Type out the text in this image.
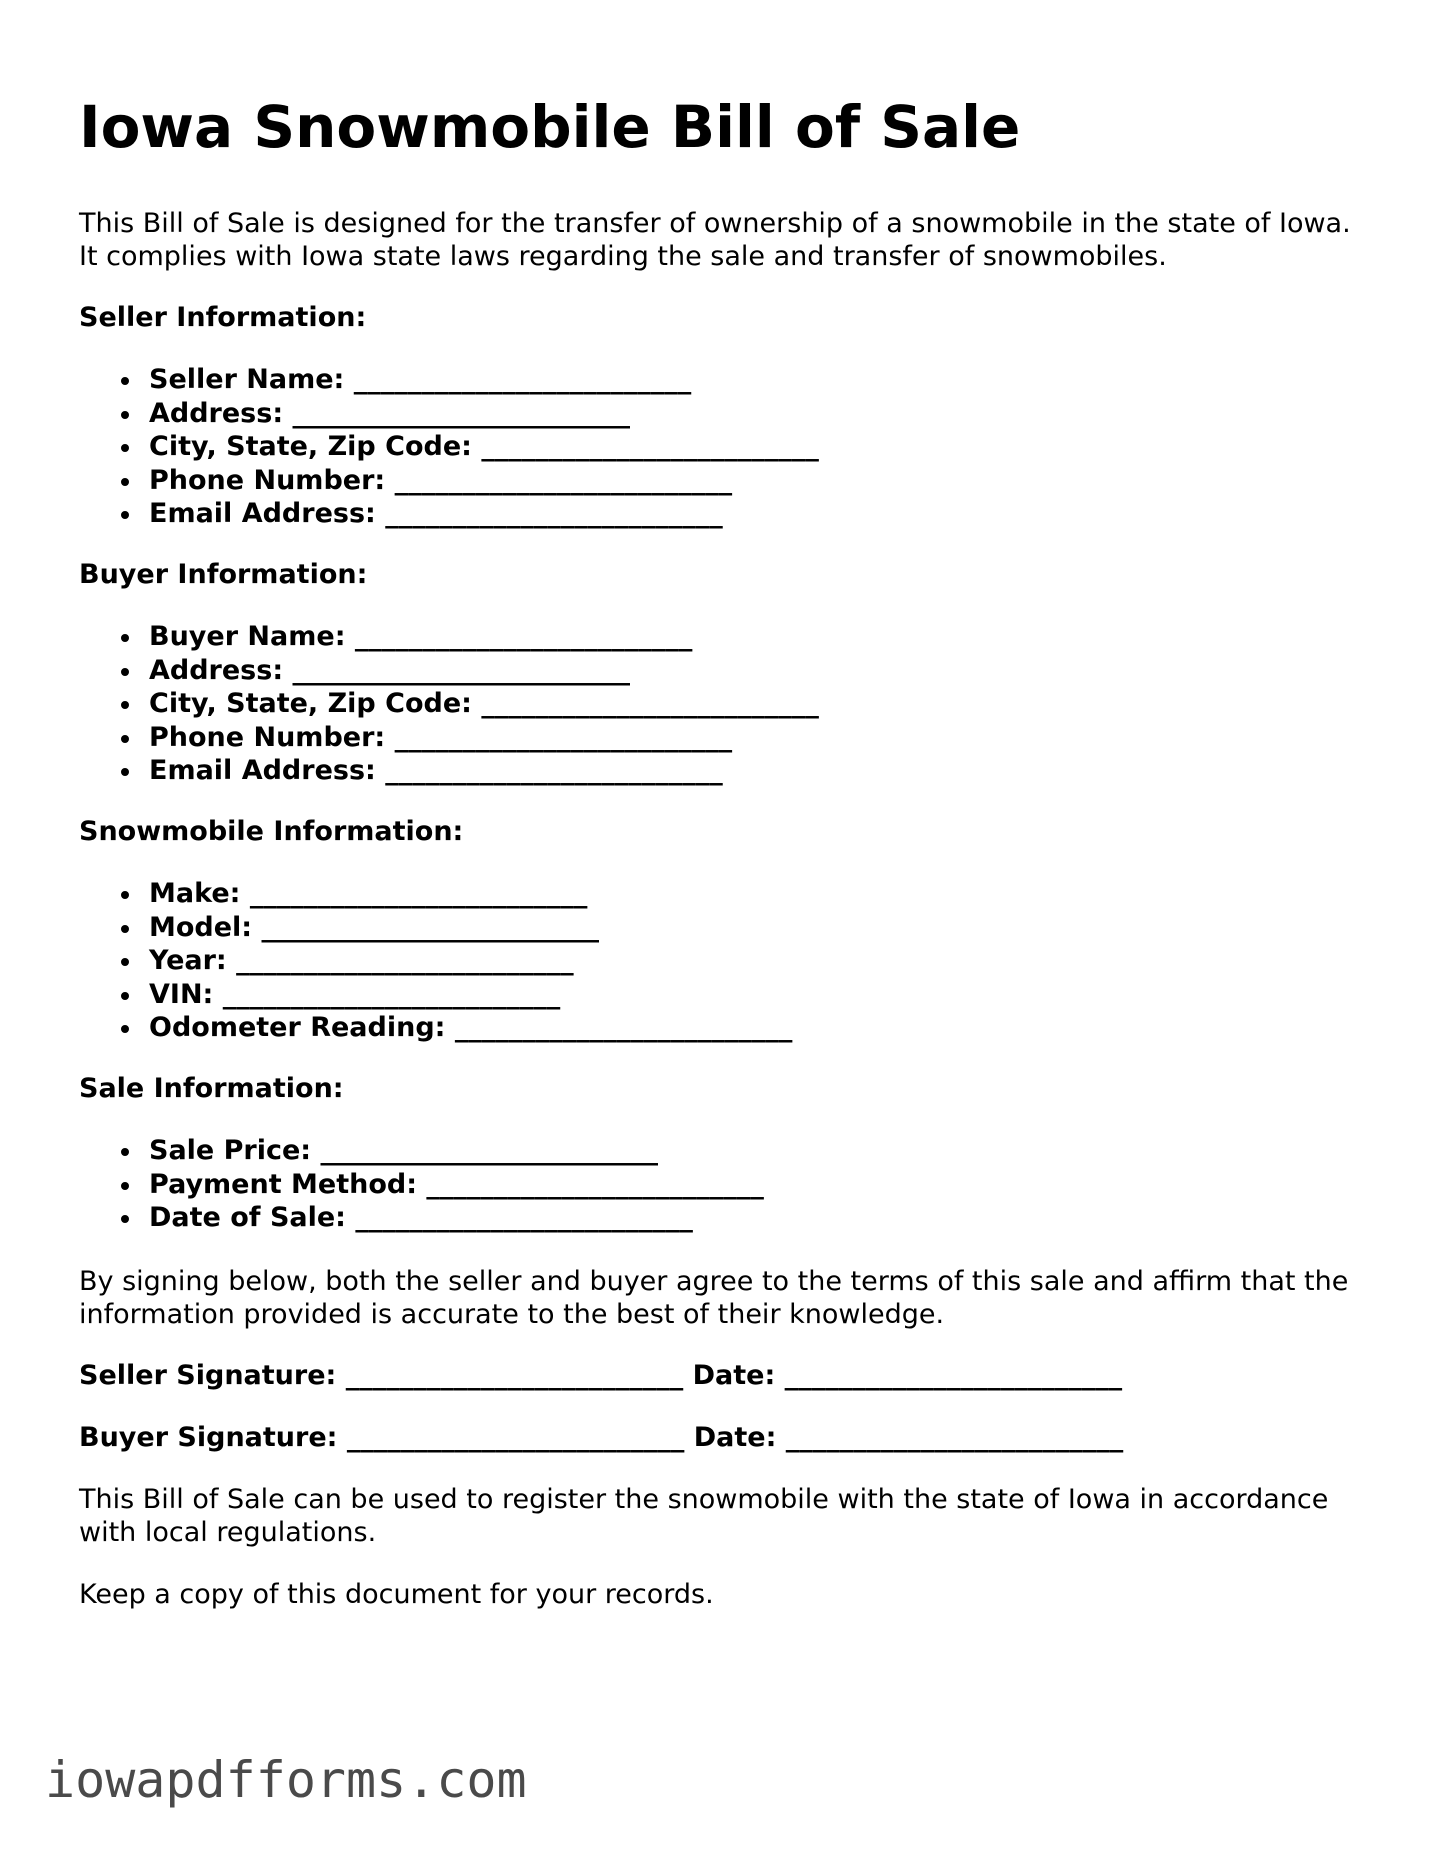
Iowa Snowmobile Bill of Sale

This Bill of Sale is designed for the transfer of ownership of a snowmobile in the state of Iowa. It complies with Iowa state laws regarding the sale and transfer of snowmobiles.

Seller Information:
Seller Name: _________________________
Address: _________________________
City, State, Zip Code: _________________________
Phone Number: _________________________
Email Address: _________________________
Buyer Information:
Buyer Name: _________________________
Address: _________________________
City, State, Zip Code: _________________________
Phone Number: _________________________
Email Address: _________________________
Snowmobile Information:
Make: _________________________
Model: _________________________
Year: _________________________
VIN: _________________________
Odometer Reading: _________________________
Sale Information:
Sale Price: _________________________
Payment Method: _________________________
Date of Sale: _________________________

By signing below, both the seller and buyer agree to the terms of this sale and affirm that the information provided is accurate to the best of their knowledge.

Seller Signature: _________________________ Date: _________________________

Buyer Signature: _________________________ Date: _________________________

This Bill of Sale can be used to register the snowmobile with the state of Iowa in accordance with local regulations.

Keep a copy of this document for your records.

iowapdfforms.com
